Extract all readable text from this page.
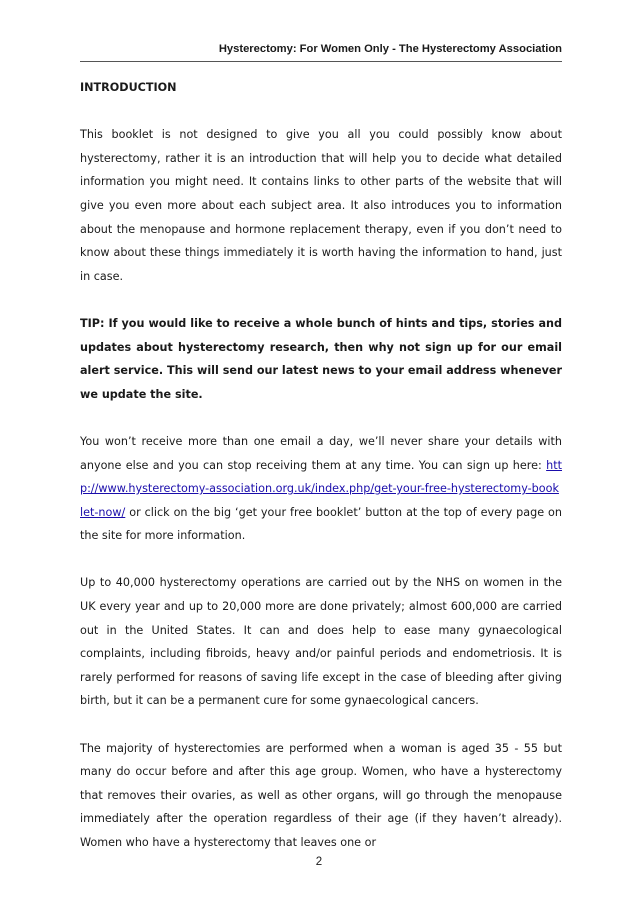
Hysterectomy: For Women Only - The Hysterectomy Association
INTRODUCTION

This booklet is not designed to give you all you could possibly know about hysterectomy, rather it is an introduction that will help you to decide what detailed information you might need. It contains links to other parts of the website that will give you even more about each subject area. It also introduces you to information about the menopause and hormone replacement therapy, even if you don’t need to know about these things immediately it is worth having the information to hand, just in case.

TIP: If you would like to receive a whole bunch of hints and tips, stories and updates about hysterectomy research, then why not sign up for our email alert service. This will send our latest news to your email address whenever we update the site.

You won’t receive more than one email a day, we’ll never share your details with anyone else and you can stop receiving them at any time. You can sign up here: http://www.hysterectomy-association.org.uk/index.php/get-your-free-hysterectomy-booklet-now/ or click on the big ‘get your free booklet’ button at the top of every page on the site for more information.

Up to 40,000 hysterectomy operations are carried out by the NHS on women in the UK every year and up to 20,000 more are done privately; almost 600,000 are carried out in the United States. It can and does help to ease many gynaecological complaints, including fibroids, heavy and/or painful periods and endometriosis. It is rarely performed for reasons of saving life except in the case of bleeding after giving birth, but it can be a permanent cure for some gynaecological cancers.

The majority of hysterectomies are performed when a woman is aged 35 - 55 but many do occur before and after this age group. Women, who have a hysterectomy that removes their ovaries, as well as other organs, will go through the menopause immediately after the operation regardless of their age (if they haven’t already). Women who have a hysterectomy that leaves one or

2
